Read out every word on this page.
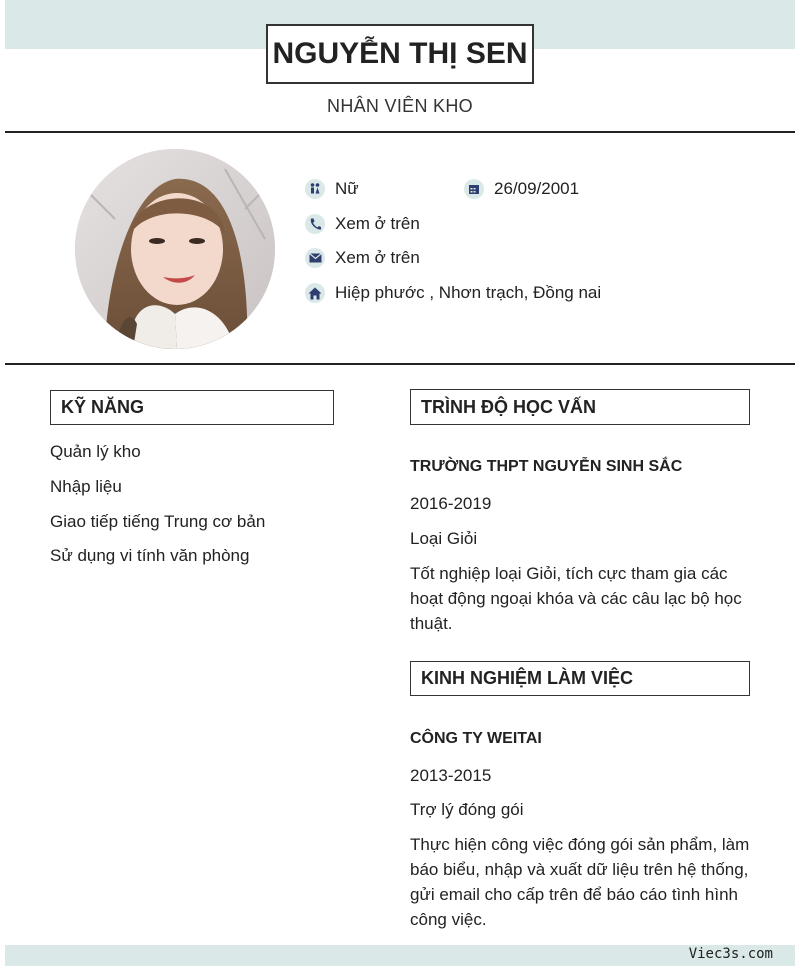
NGUYỄN THỊ SEN
NHÂN VIÊN KHO
Nữ	26/09/2001
Xem ở trên
Xem ở trên
Hiệp phước , Nhơn trạch, Đồng nai
KỸ NĂNG
Quản lý kho
Nhập liệu
Giao tiếp tiếng Trung cơ bản
Sử dụng vi tính văn phòng
TRÌNH ĐỘ HỌC VẤN
TRƯỜNG THPT NGUYỄN SINH SẮC
2016-2019
Loại Giỏi
Tốt nghiệp loại Giỏi, tích cực tham gia các hoạt động ngoại khóa và các câu lạc bộ học thuật.
KINH NGHIỆM LÀM VIỆC
CÔNG TY WEITAI
2013-2015
Trợ lý đóng gói
Thực hiện công việc đóng gói sản phẩm, làm báo biểu, nhập và xuất dữ liệu trên hệ thống, gửi email cho cấp trên để báo cáo tình hình công việc.
Viec3s.com
